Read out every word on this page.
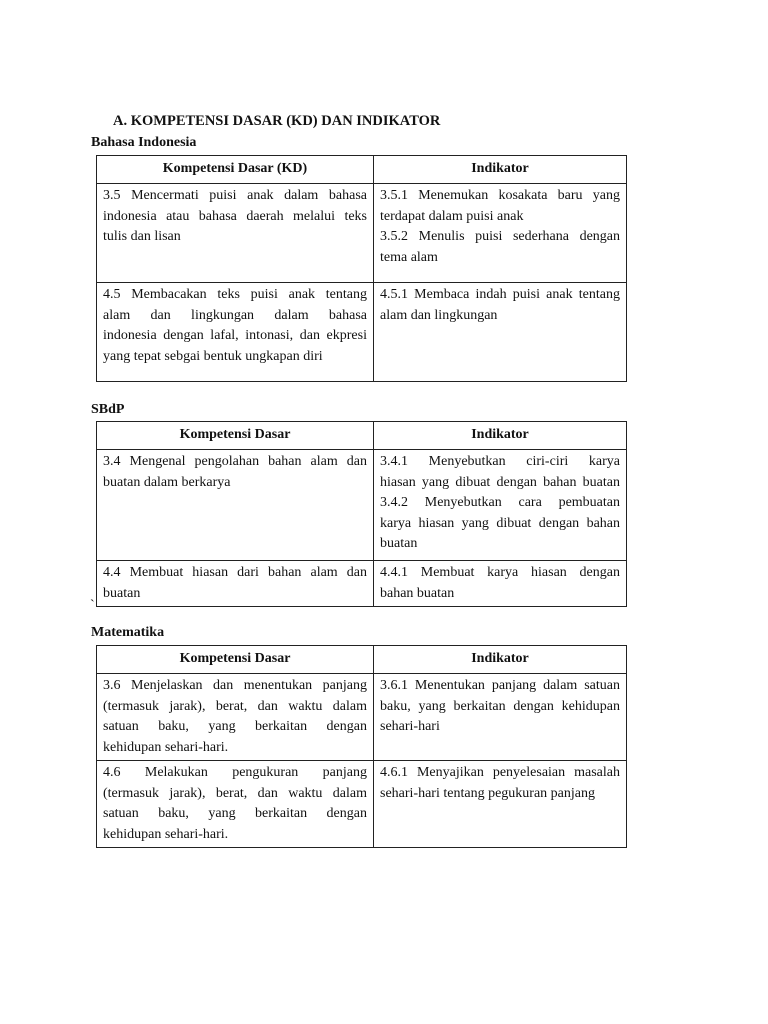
A. KOMPETENSI DASAR (KD) DAN INDIKATOR
Bahasa Indonesia
Kompetensi Dasar (KD)	Indikator

3.5 Mencermati puisi anak dalam bahasa
indonesia atau bahasa daerah melalui teks
tulis dan lisan	3.5.1 Menemukan kosakata baru yang
terdapat dalam puisi anak
3.5.2 Menulis puisi sederhana dengan
tema alam

4.5 Membacakan teks puisi anak tentang
alam dan lingkungan dalam bahasa
indonesia dengan lafal, intonasi, dan ekpresi
yang tepat sebgai bentuk ungkapan diri	4.5.1 Membaca indah puisi anak tentang
alam dan lingkungan
SBdP
Kompetensi Dasar	Indikator

3.4 Mengenal pengolahan bahan alam dan
buatan dalam berkarya	3.4.1 Menyebutkan ciri-ciri karya
hiasan yang dibuat dengan bahan buatan
3.4.2 Menyebutkan cara pembuatan
karya hiasan yang dibuat dengan bahan
buatan

4.4 Membuat hiasan dari bahan alam dan
buatan	4.4.1 Membuat karya hiasan dengan
bahan buatan
`
Matematika
Kompetensi Dasar	Indikator

3.6 Menjelaskan dan menentukan panjang
(termasuk jarak), berat, dan waktu dalam
satuan baku, yang berkaitan dengan
kehidupan sehari-hari.	3.6.1 Menentukan panjang dalam satuan
baku, yang berkaitan dengan kehidupan
sehari-hari

4.6 Melakukan pengukuran panjang
(termasuk jarak), berat, dan waktu dalam
satuan baku, yang berkaitan dengan
kehidupan sehari-hari.	4.6.1 Menyajikan penyelesaian masalah
sehari-hari tentang pegukuran panjang
